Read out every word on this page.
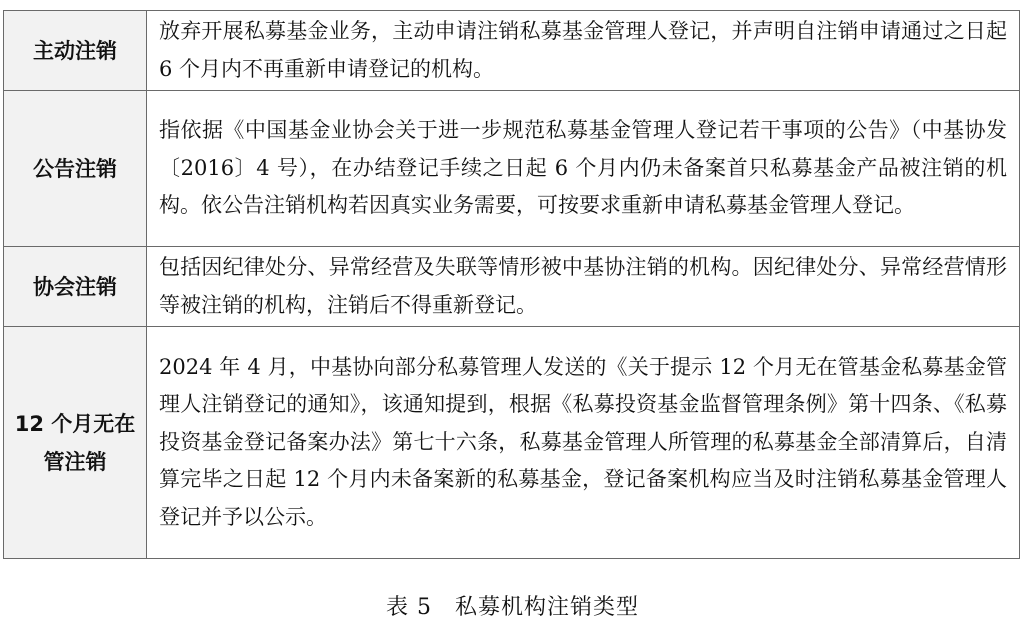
主动注销	放弃开展私募基金业务，主动申请注销私募基金管理人登记，并声明自注销申请通过之日起 6 个月内不再重新申请登记的机构。
公告注销	指依据《中国基金业协会关于进一步规范私募基金管理人登记若干事项的公告》（中基协发〔2016〕4 号），在办结登记手续之日起 6 个月内仍未备案首只私募基金产品被注销的机构。依公告注销机构若因真实业务需要，可按要求重新申请私募基金管理人登记。
协会注销	包括因纪律处分、异常经营及失联等情形被中基协注销的机构。因纪律处分、异常经营情形等被注销的机构，注销后不得重新登记。
12 个月无在管注销	2024 年 4 月，中基协向部分私募管理人发送的《关于提示 12 个月无在管基金私募基金管理人注销登记的通知》，该通知提到，根据《私募投资基金监督管理条例》第十四条、《私募投资基金登记备案办法》第七十六条，私募基金管理人所管理的私募基金全部清算后，自清算完毕之日起 12 个月内未备案新的私募基金，登记备案机构应当及时注销私募基金管理人登记并予以公示。
表 5　私募机构注销类型
